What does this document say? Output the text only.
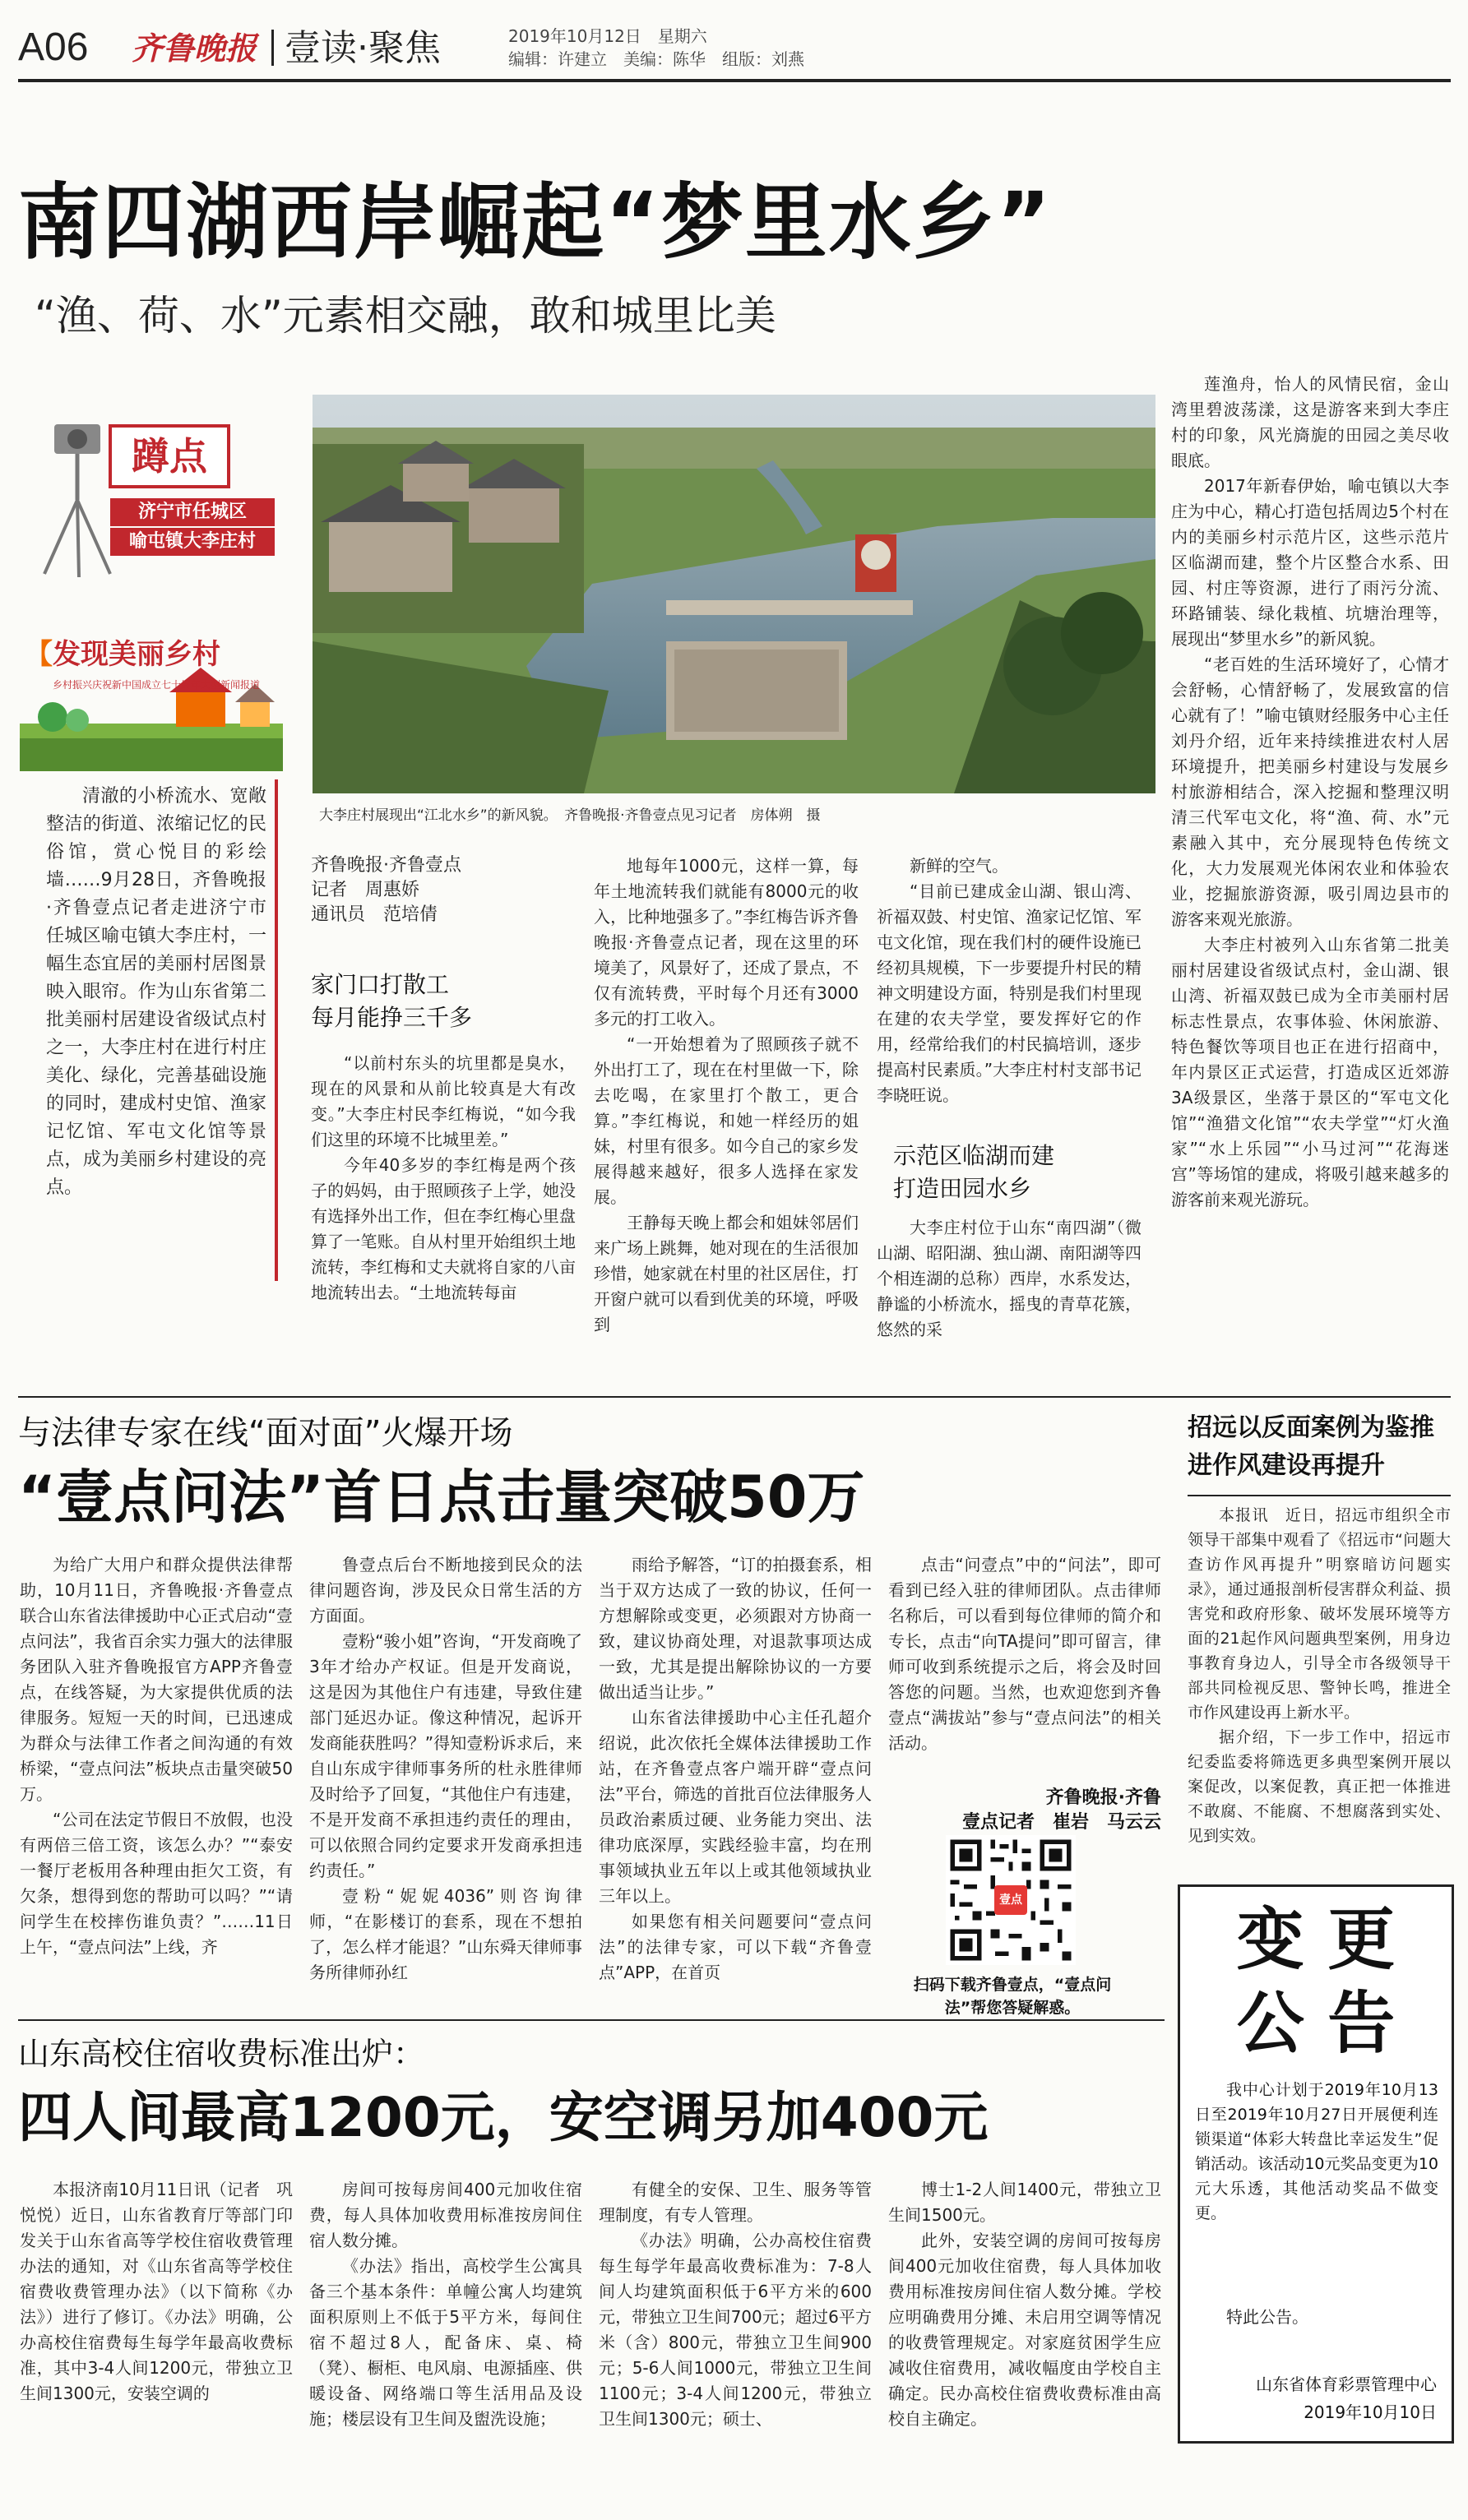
A06 齐鲁晚报 壹读·聚焦	2019年10月12日　星期六
编辑：许建立　美编：陈华　组版：刘燕
南四湖西岸崛起“梦里水乡”
“渔、荷、水”元素相交融，敢和城里比美
蹲点
济宁市任城区
喻屯镇大李庄村
【发现美丽乡村
乡村振兴庆祝新中国成立七十周年大型新闻报道
大李庄村展现出“江北水乡”的新风貌。　齐鲁晚报·齐鲁壹点见习记者　房体朔　摄

清澈的小桥流水、宽敞整洁的街道、浓缩记忆的民俗馆，赏心悦目的彩绘墙……9月28日，齐鲁晚报·齐鲁壹点记者走进济宁市任城区喻屯镇大李庄村，一幅生态宜居的美丽村居图景映入眼帘。作为山东省第二批美丽村居建设省级试点村之一，大李庄村在进行村庄美化、绿化，完善基础设施的同时，建成村史馆、渔家记忆馆、军屯文化馆等景点，成为美丽乡村建设的亮点。

齐鲁晚报·齐鲁壹点
记者　周惠娇
通讯员　范培倩
家门口打散工
每月能挣三千多

“以前村东头的坑里都是臭水，现在的风景和从前比较真是大有改变。”大李庄村民李红梅说，“如今我们这里的环境不比城里差。”

今年40多岁的李红梅是两个孩子的妈妈，由于照顾孩子上学，她没有选择外出工作，但在李红梅心里盘算了一笔账。自从村里开始组织土地流转，李红梅和丈夫就将自家的八亩地流转出去。“土地流转每亩

地每年1000元，这样一算，每年土地流转我们就能有8000元的收入，比种地强多了。”李红梅告诉齐鲁晚报·齐鲁壹点记者，现在这里的环境美了，风景好了，还成了景点，不仅有流转费，平时每个月还有3000多元的打工收入。

“一开始想着为了照顾孩子就不外出打工了，现在在村里做一下，除去吃喝，在家里打个散工，更合算。”李红梅说，和她一样经历的姐妹，村里有很多。如今自己的家乡发展得越来越好，很多人选择在家发展。

王静每天晚上都会和姐妹邻居们来广场上跳舞，她对现在的生活很加珍惜，她家就在村里的社区居住，打开窗户就可以看到优美的环境，呼吸到

新鲜的空气。

“目前已建成金山湖、银山湾、祈福双鼓、村史馆、渔家记忆馆、军屯文化馆，现在我们村的硬件设施已经初具规模，下一步要提升村民的精神文明建设方面，特别是我们村里现在建的农夫学堂，要发挥好它的作用，经常给我们的村民搞培训，逐步提高村民素质。”大李庄村村支部书记李晓旺说。

示范区临湖而建
打造田园水乡

大李庄村位于山东“南四湖”（微山湖、昭阳湖、独山湖、南阳湖等四个相连湖的总称）西岸，水系发达，静谧的小桥流水，摇曳的青草花簇，悠然的采

莲渔舟，怡人的风情民宿，金山湾里碧波荡漾，这是游客来到大李庄村的印象，风光旖旎的田园之美尽收眼底。

2017年新春伊始，喻屯镇以大李庄为中心，精心打造包括周边5个村在内的美丽乡村示范片区，这些示范片区临湖而建，整个片区整合水系、田园、村庄等资源，进行了雨污分流、环路铺装、绿化栽植、坑塘治理等，展现出“梦里水乡”的新风貌。

“老百姓的生活环境好了，心情才会舒畅，心情舒畅了，发展致富的信心就有了！”喻屯镇财经服务中心主任刘丹介绍，近年来持续推进农村人居环境提升，把美丽乡村建设与发展乡村旅游相结合，深入挖掘和整理汉明清三代军屯文化，将“渔、荷、水”元素融入其中，充分展现特色传统文化，大力发展观光体闲农业和体验农业，挖掘旅游资源，吸引周边县市的游客来观光旅游。

大李庄村被列入山东省第二批美丽村居建设省级试点村，金山湖、银山湾、祈福双鼓已成为全市美丽村居标志性景点，农事体验、休闲旅游、特色餐饮等项目也正在进行招商中，年内景区正式运营，打造成区近郊游3A级景区，坐落于景区的“军屯文化馆”“渔猎文化馆”“农夫学堂”“灯火渔家”“水上乐园”“小马过河”“花海迷宫”等场馆的建成，将吸引越来越多的游客前来观光游玩。

与法律专家在线“面对面”火爆开场
“壹点问法”首日点击量突破50万

为给广大用户和群众提供法律帮助，10月11日，齐鲁晚报·齐鲁壹点联合山东省法律援助中心正式启动“壹点问法”，我省百余实力强大的法律服务团队入驻齐鲁晚报官方APP齐鲁壹点，在线答疑，为大家提供优质的法律服务。短短一天的时间，已迅速成为群众与法律工作者之间沟通的有效桥梁，“壹点问法”板块点击量突破50万。

“公司在法定节假日不放假，也没有两倍三倍工资，该怎么办？”“泰安一餐厅老板用各种理由拒欠工资，有欠条，想得到您的帮助可以吗？”“请问学生在校摔伤谁负责？”……11日上午，“壹点问法”上线，齐

鲁壹点后台不断地接到民众的法律问题咨询，涉及民众日常生活的方方面面。

壹粉“骏小姐”咨询，“开发商晚了3年才给办产权证。但是开发商说，这是因为其他住户有违建，导致住建部门延迟办证。像这种情况，起诉开发商能获胜吗？”得知壹粉诉求后，来自山东成宇律师事务所的杜永胜律师及时给予了回复，“其他住户有违建，不是开发商不承担违约责任的理由，可以依照合同约定要求开发商承担违约责任。”

壹粉“妮妮4036”则咨询律师，“在影楼订的套系，现在不想拍了，怎么样才能退？”山东舜天律师事务所律师孙红

雨给予解答，“订的拍摄套系，相当于双方达成了一致的协议，任何一方想解除或变更，必须跟对方协商一致，建议协商处理，对退款事项达成一致，尤其是提出解除协议的一方要做出适当让步。”

山东省法律援助中心主任孔超介绍说，此次依托全媒体法律援助工作站，在齐鲁壹点客户端开辟“壹点问法”平台，筛选的首批百位法律服务人员政治素质过硬、业务能力突出、法律功底深厚，实践经验丰富，均在刑事领域执业五年以上或其他领域执业三年以上。

如果您有相关问题要问“壹点问法”的法律专家，可以下载“齐鲁壹点”APP，在首页

点击“问壹点”中的“问法”，即可看到已经入驻的律师团队。点击律师名称后，可以看到每位律师的简介和专长，点击“向TA提问”即可留言，律师可收到系统提示之后，将会及时回答您的问题。当然，也欢迎您到齐鲁壹点“满拔站”参与“壹点问法”的相关活动。

齐鲁晚报·齐鲁
壹点记者　崔岩　马云云
壹点
扫码下载齐鲁壹点，“壹点问法”帮您答疑解惑。
招远以反面案例为鉴推进作风建设再提升

本报讯　近日，招远市组织全市领导干部集中观看了《招远市“问题大查访作风再提升”明察暗访问题实录》，通过通报剖析侵害群众利益、损害党和政府形象、破坏发展环境等方面的21起作风问题典型案例，用身边事教育身边人，引导全市各级领导干部共同检视反思、警钟长鸣，推进全市作风建设再上新水平。

据介绍，下一步工作中，招远市纪委监委将筛选更多典型案例开展以案促改，以案促教，真正把一体推进不敢腐、不能腐、不想腐落到实处、见到实效。

变 更
公 告

我中心计划于2019年10月13日至2019年10月27日开展便利连锁渠道“体彩大转盘比幸运发生”促销活动。该活动10元奖品变更为10元大乐透，其他活动奖品不做变更。

特此公告。
山东省体育彩票管理中心
2019年10月10日
山东高校住宿收费标准出炉：
四人间最高1200元，安空调另加400元

本报济南10月11日讯（记者　巩悦悦）近日，山东省教育厅等部门印发关于山东省高等学校住宿收费管理办法的通知，对《山东省高等学校住宿费收费管理办法》（以下简称《办法》）进行了修订。《办法》明确，公办高校住宿费每生每学年最高收费标准，其中3-4人间1200元，带独立卫生间1300元，安装空调的

房间可按每房间400元加收住宿费，每人具体加收费用标准按房间住宿人数分摊。

《办法》指出，高校学生公寓具备三个基本条件：单幢公寓人均建筑面积原则上不低于5平方米，每间住宿不超过8人，配备床、桌、椅（凳）、橱柜、电风扇、电源插座、供暖设备、网络端口等生活用品及设施；楼层设有卫生间及盥洗设施；

有健全的安保、卫生、服务等管理制度，有专人管理。

《办法》明确，公办高校住宿费每生每学年最高收费标准为：7-8人间人均建筑面积低于6平方米的600元，带独立卫生间700元；超过6平方米（含）800元，带独立卫生间900元；5-6人间1000元，带独立卫生间1100元；3-4人间1200元，带独立卫生间1300元；硕士、

博士1-2人间1400元，带独立卫生间1500元。

此外，安装空调的房间可按每房间400元加收住宿费，每人具体加收费用标准按房间住宿人数分摊。学校应明确费用分摊、未启用空调等情况的收费管理规定。对家庭贫困学生应减收住宿费用，减收幅度由学校自主确定。民办高校住宿费收费标准由高校自主确定。
